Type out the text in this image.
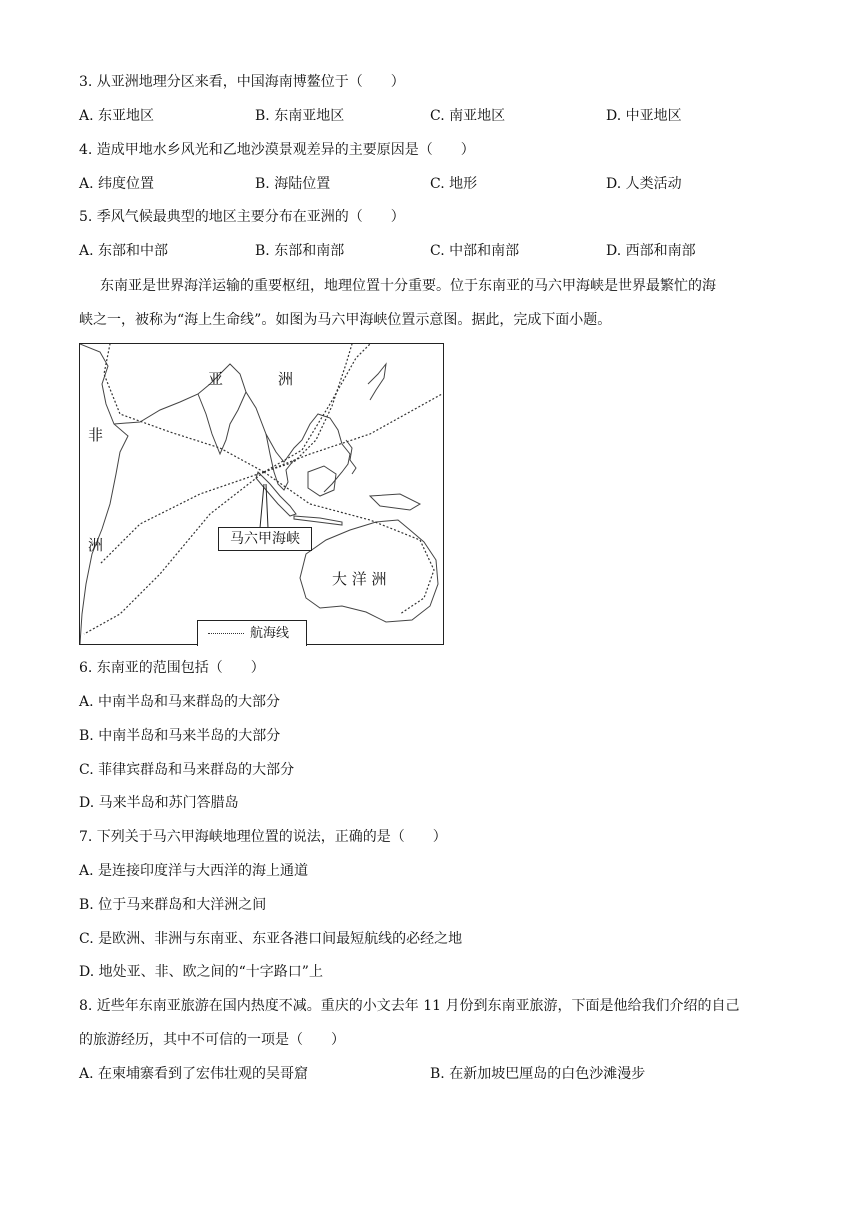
3. 从亚洲地理分区来看，中国海南博鳌位于（　　）
A. 东亚地区	B. 东南亚地区	C. 南亚地区	D. 中亚地区
4. 造成甲地水乡风光和乙地沙漠景观差异的主要原因是（　　）
A. 纬度位置	B. 海陆位置	C. 地形	D. 人类活动
5. 季风气候最典型的地区主要分布在亚洲的（　　）
A. 东部和中部	B. 东部和南部	C. 中部和南部	D. 西部和南部
东南亚是世界海洋运输的重要枢纽，地理位置十分重要。位于东南亚的马六甲海峡是世界最繁忙的海
峡之一，被称为“海上生命线”。如图为马六甲海峡位置示意图。据此，完成下面小题。
亚	洲
非
洲
大 洋 洲
马六甲海峡
航海线
6. 东南亚的范围包括（　　）
A. 中南半岛和马来群岛的大部分
B. 中南半岛和马来半岛的大部分
C. 菲律宾群岛和马来群岛的大部分
D. 马来半岛和苏门答腊岛
7. 下列关于马六甲海峡地理位置的说法，正确的是（　　）
A. 是连接印度洋与大西洋的海上通道
B. 位于马来群岛和大洋洲之间
C. 是欧洲、非洲与东南亚、东亚各港口间最短航线的必经之地
D. 地处亚、非、欧之间的“十字路口”上
8. 近些年东南亚旅游在国内热度不减。重庆的小文去年 11 月份到东南亚旅游，下面是他给我们介绍的自己
的旅游经历，其中不可信的一项是（　　）
A. 在柬埔寨看到了宏伟壮观的吴哥窟	B. 在新加坡巴厘岛的白色沙滩漫步
